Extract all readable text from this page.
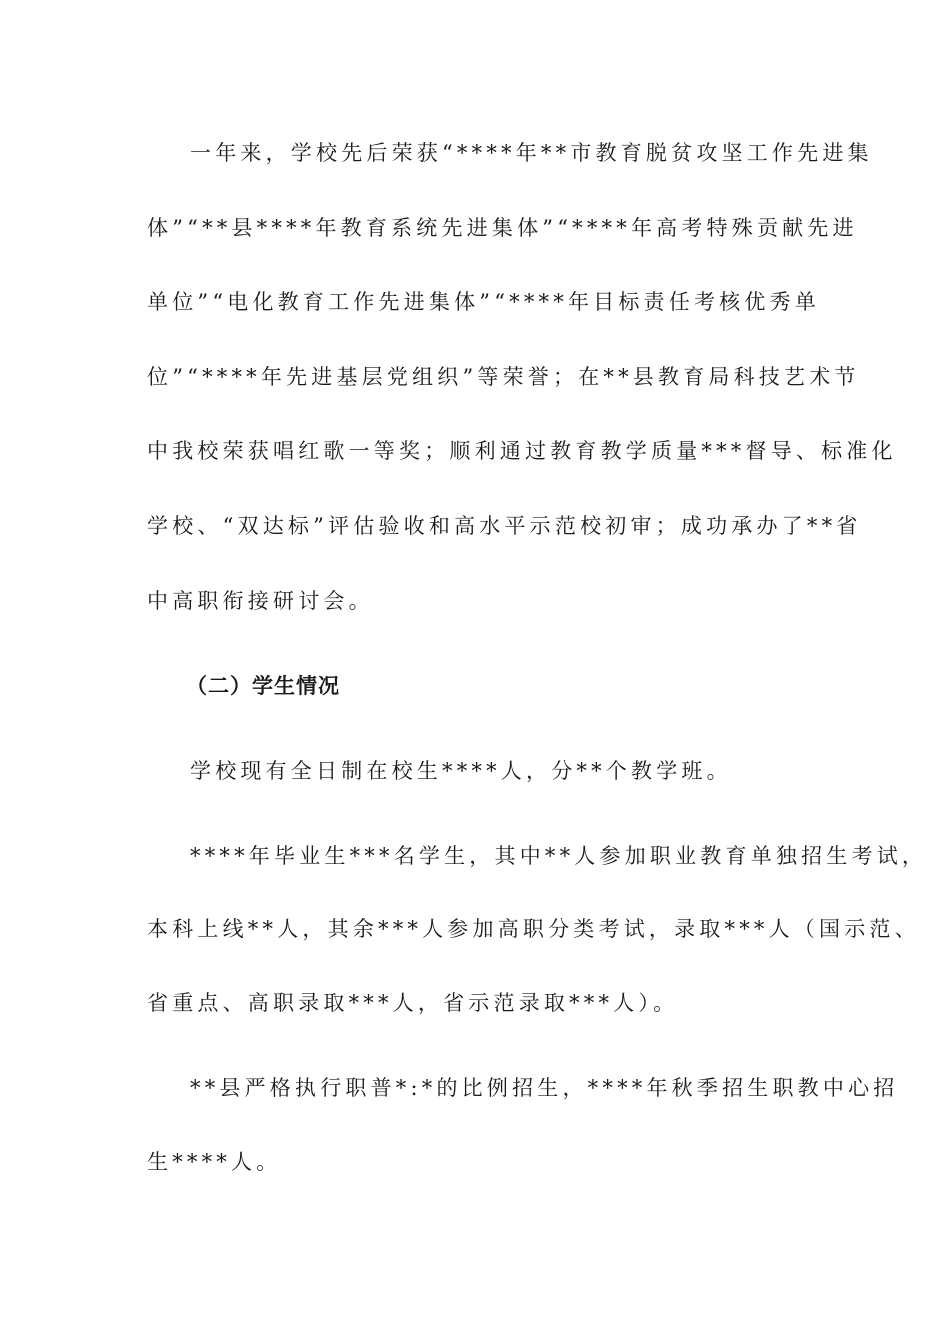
一年来，学校先后荣获“****年**市教育脱贫攻坚工作先进集
体”“**县****年教育系统先进集体”“****年高考特殊贡献先进
单位”“电化教育工作先进集体”“****年目标责任考核优秀单
位”“****年先进基层党组织”等荣誉；在**县教育局科技艺术节
中我校荣获唱红歌一等奖；顺利通过教育教学质量***督导、标准化
学校、“双达标”评估验收和高水平示范校初审；成功承办了**省
中高职衔接研讨会。
（二）学生情况
学校现有全日制在校生****人，分**个教学班。
****年毕业生***名学生，其中**人参加职业教育单独招生考试，
本科上线**人，其余***人参加高职分类考试，录取***人（国示范、
省重点、高职录取***人，省示范录取***人）。
**县严格执行职普*:*的比例招生，****年秋季招生职教中心招
生****人。
